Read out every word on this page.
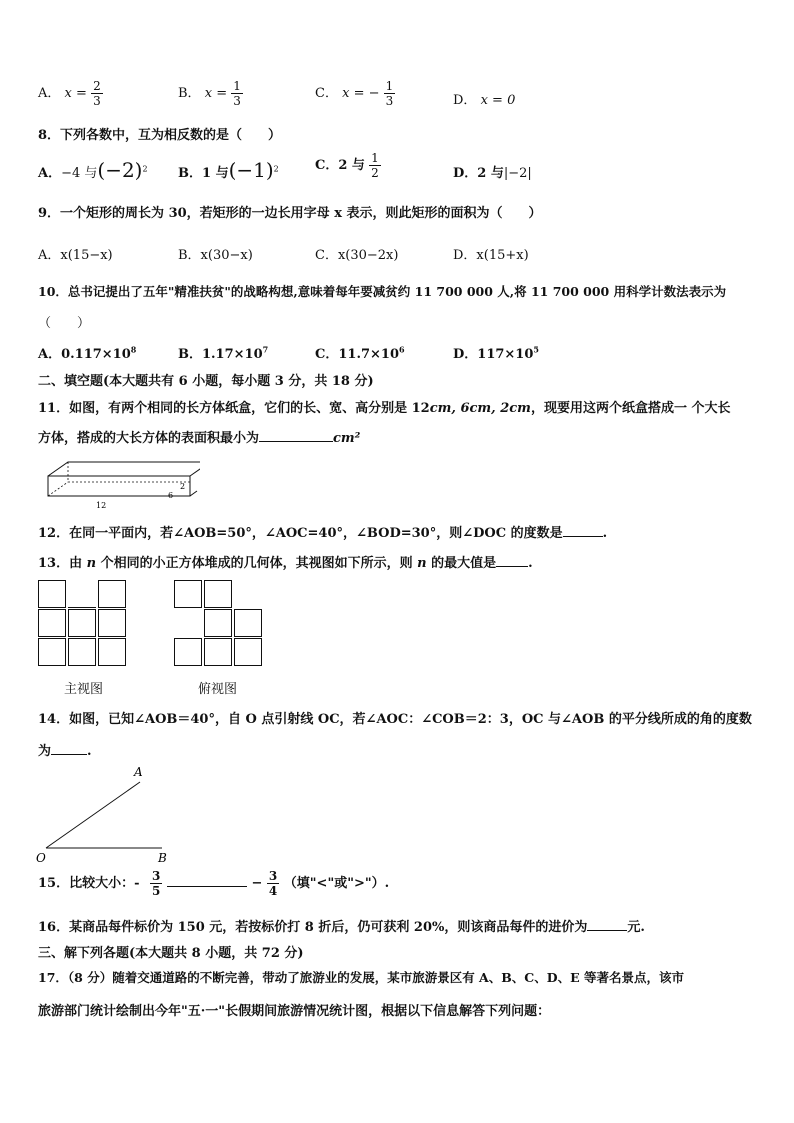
A． $x = \frac{2}{3}$	B． $x = \frac{1}{3}$	C． x = − $\frac{1}{3}$	D． x = 0
8．下列各数中，互为相反数的是（　　）
A．−4 与$(-2)^2$ B．1 与$(-1)^2$	C．2 与 $\frac{1}{2}$	D．2 与|−2|
9．一个矩形的周长为 30，若矩形的一边长用字母 x 表示，则此矩形的面积为（　　）
A．x(15−x)	B．x(30−x)	C．x(30−2x)	D．x(15+x)
10．总书记提出了五年"精准扶贫"的战略构想,意味着每年要减贫约 11 700 000 人,将 11 700 000 用科学计数法表示为
（　　）
A．$0.117\times 10^8$	B．$1.17\times 10^7$	C．$11.7\times 10^6$	D．$117\times 10^5$
二、填空题(本大题共有 6 小题，每小题 3 分，共 18 分)
11．如图，有两个相同的长方体纸盒，它们的长、宽、高分别是 12cm, 6cm, 2cm，现要用这两个纸盒搭成一 个大长
方体，搭成的大长方体的表面积最小为	cm²
12
2
6
12．在同一平面内，若∠AOB=50°，∠AOC=40°，∠BOD=30°，则∠DOC 的度数是	.
13．由 n 个相同的小正方体堆成的几何体，其视图如下所示，则 n 的最大值是 .
主视图	俯视图
14．如图，已知∠AOB＝40°，自 O 点引射线 OC，若∠AOC：∠COB＝2：3，OC 与∠AOB 的平分线所成的角的度数
为	.
A
O	B
15．比较大小：- $\frac{3}{5}$	− $\frac{3}{4}$ （填"<"或">"）.
16．某商品每件标价为 150 元，若按标价打 8 折后，仍可获利 20%，则该商品每件的进价为	元.
三、解下列各题(本大题共 8 小题，共 72 分)
17．（8 分）随着交通道路的不断完善，带动了旅游业的发展，某市旅游景区有 A、B、C、D、E 等著名景点，该市
旅游部门统计绘制出今年"五·一"长假期间旅游情况统计图，根据以下信息解答下列问题：
